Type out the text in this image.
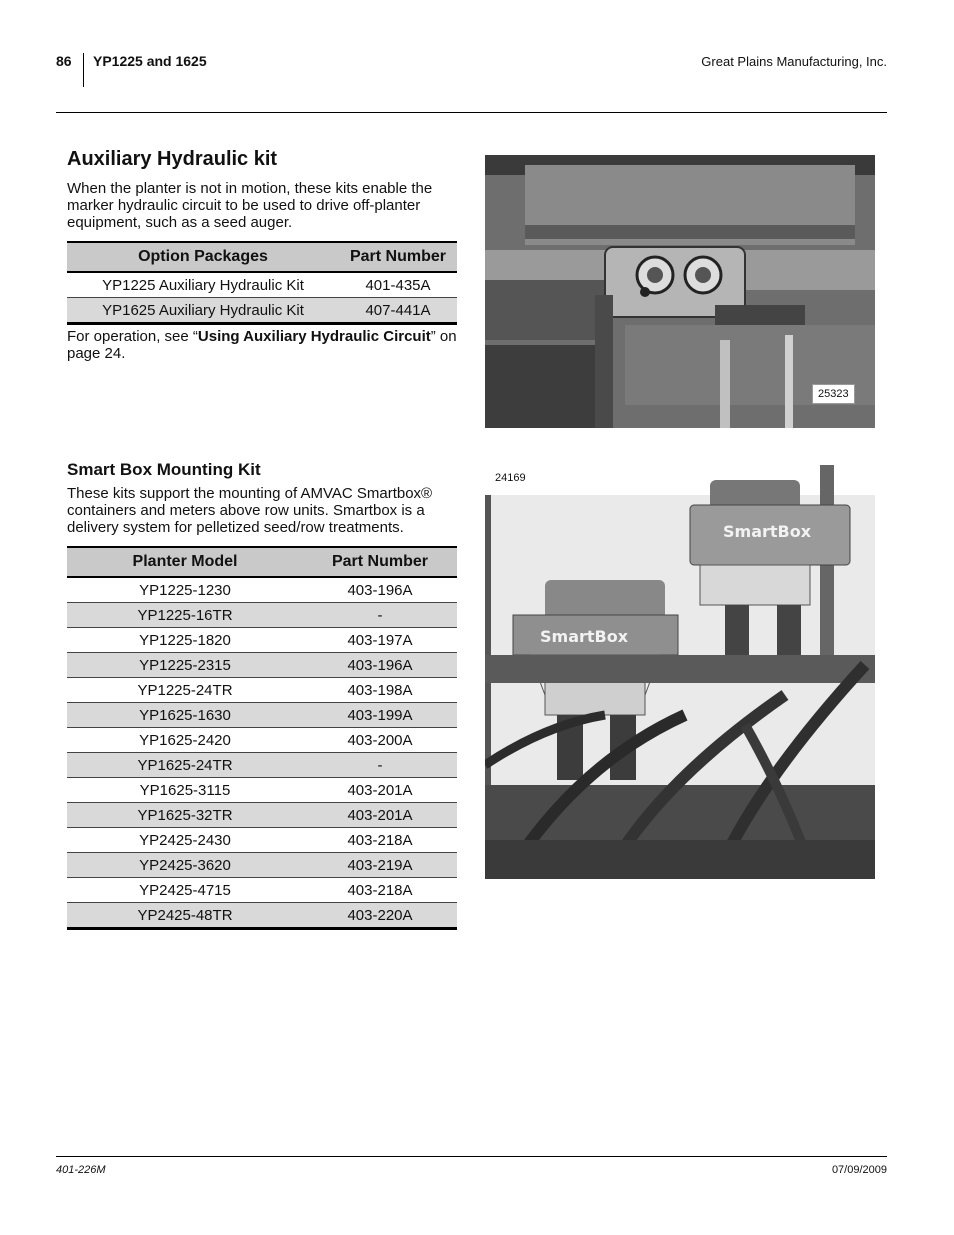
86 YP1225 and 1625	Great Plains Manufacturing, Inc.
Auxiliary Hydraulic kit

When the planter is not in motion, these kits enable the marker hydraulic circuit to be used to drive off-planter equipment, such as a seed auger.

Option Packages	Part Number
YP1225 Auxiliary Hydraulic Kit	401-435A
YP1625 Auxiliary Hydraulic Kit	407-441A

For operation, see “Using Auxiliary Hydraulic Circuit” on page 24.

25323
Smart Box Mounting Kit

These kits support the mounting of AMVAC Smartbox® containers and meters above row units. Smartbox is a delivery system for pelletized seed/row treatments.

Planter Model	Part Number
YP1225-1230	403-196A
YP1225-16TR	-
YP1225-1820	403-197A
YP1225-2315	403-196A
YP1225-24TR	403-198A
YP1625-1630	403-199A
YP1625-2420	403-200A
YP1625-24TR	-
YP1625-3115	403-201A
YP1625-32TR	403-201A
YP2425-2430	403-218A
YP2425-3620	403-219A
YP2425-4715	403-218A
YP2425-48TR	403-220A
SmartBox
SmartBox
24169
401-226M	07/09/2009
